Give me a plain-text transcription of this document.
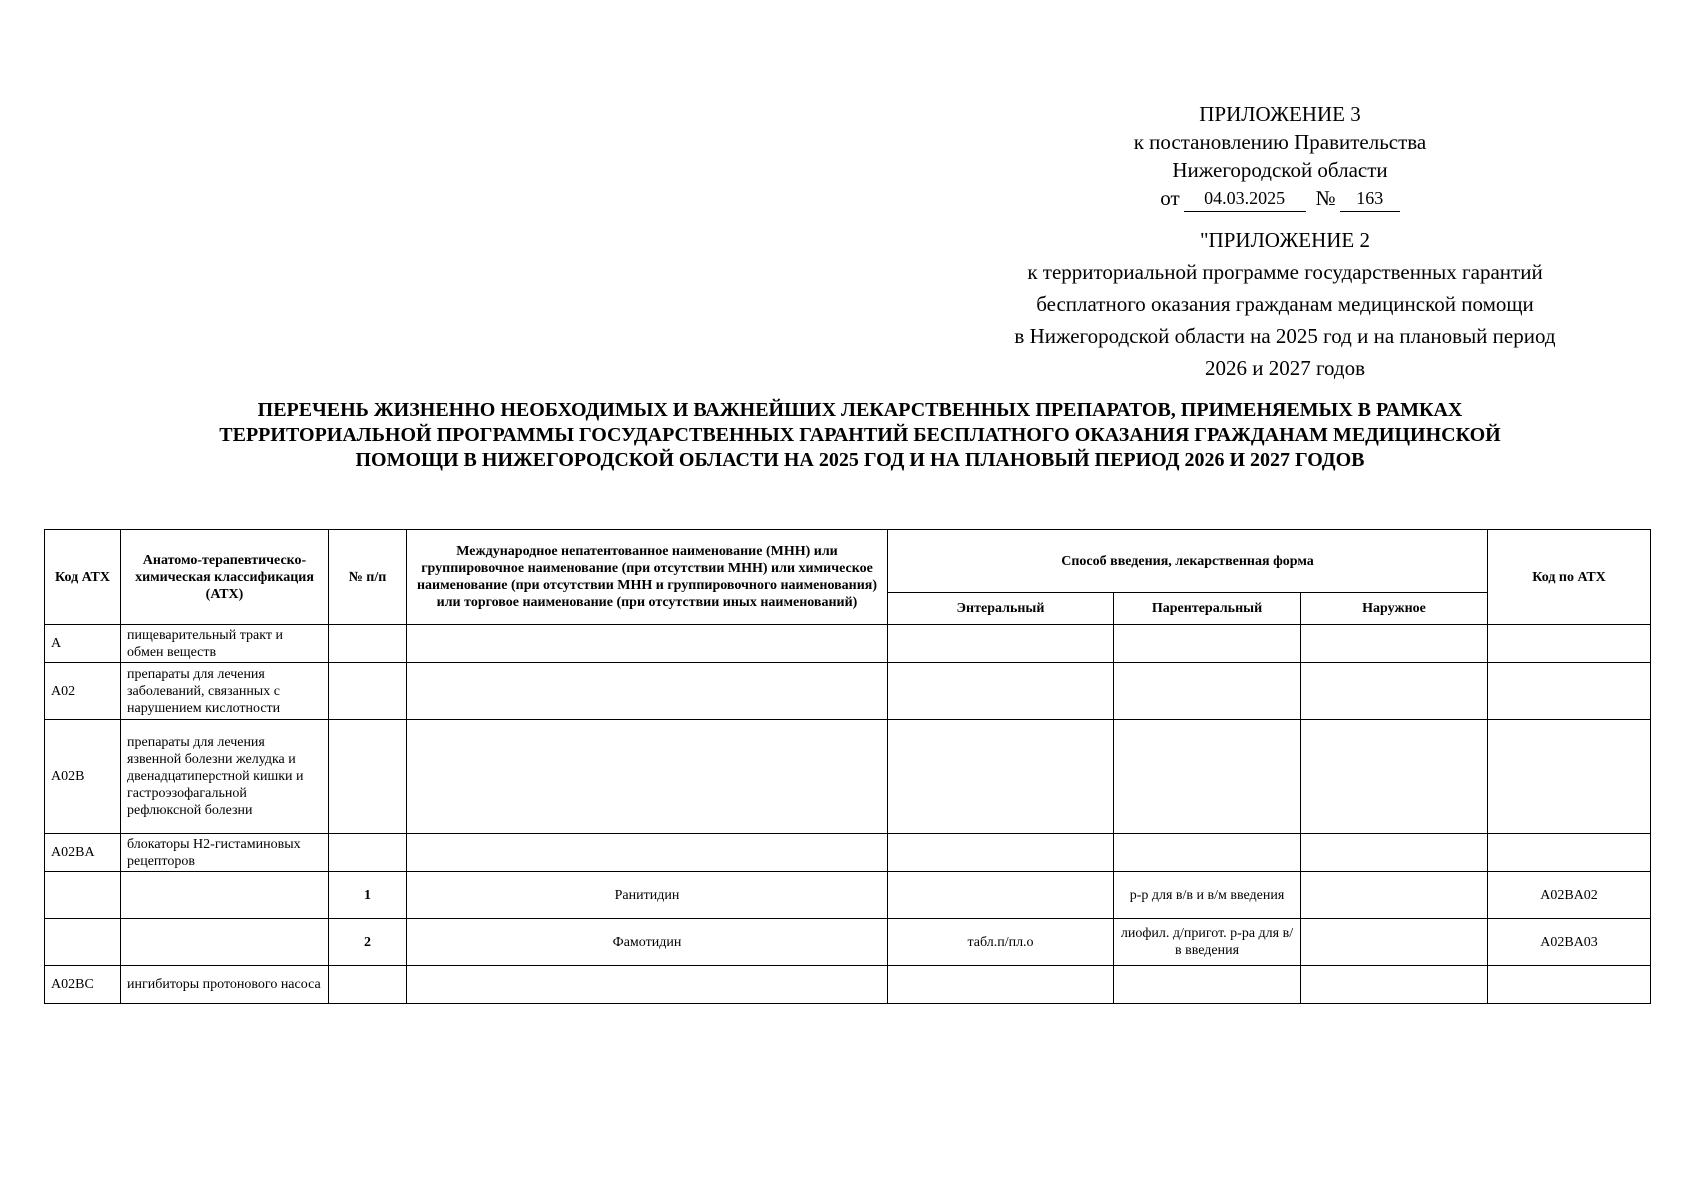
ПРИЛОЖЕНИЕ 3
к постановлению Правительства
Нижегородской области
от	04.03.2025	№	163
"ПРИЛОЖЕНИЕ 2
к территориальной программе государственных гарантий
бесплатного оказания гражданам медицинской помощи
в Нижегородской области на 2025 год и на плановый период
2026 и 2027 годов
ПЕРЕЧЕНЬ ЖИЗНЕННО НЕОБХОДИМЫХ И ВАЖНЕЙШИХ ЛЕКАРСТВЕННЫХ ПРЕПАРАТОВ, ПРИМЕНЯЕМЫХ В РАМКАХ
ТЕРРИТОРИАЛЬНОЙ ПРОГРАММЫ ГОСУДАРСТВЕННЫХ ГАРАНТИЙ БЕСПЛАТНОГО ОКАЗАНИЯ ГРАЖДАНАМ МЕДИЦИНСКОЙ
ПОМОЩИ В НИЖЕГОРОДСКОЙ ОБЛАСТИ НА 2025 ГОД И НА ПЛАНОВЫЙ ПЕРИОД 2026 И 2027 ГОДОВ
Код АТХ	Анатомо-терапевтическо-химическая классификация (АТХ)	№ п/п	Международное непатентованное наименование (МНН) или группировочное наименование (при отсутствии МНН) или химическое наименование (при отсутствии МНН и группировочного наименования) или торговое наименование (при отсутствии иных наименований)	Способ введения, лекарственная форма			Код по АТХ
				Энтеральный	Парентеральный	Наружное	
A	пищеварительный тракт и обмен веществ						
A02	препараты для лечения заболеваний, связанных с нарушением кислотности						
A02B	препараты для лечения язвенной болезни желудка и двенадцатиперстной кишки и гастроэзофагальной рефлюксной болезни						
A02BA	блокаторы H2-гистаминовых рецепторов						
		1	Ранитидин		р-р для в/в и в/м введения		A02BA02
		2	Фамотидин	табл.п/пл.о	лиофил. д/пригот. р-ра для в/в введения		A02BA03
A02BC	ингибиторы протонового насоса						
